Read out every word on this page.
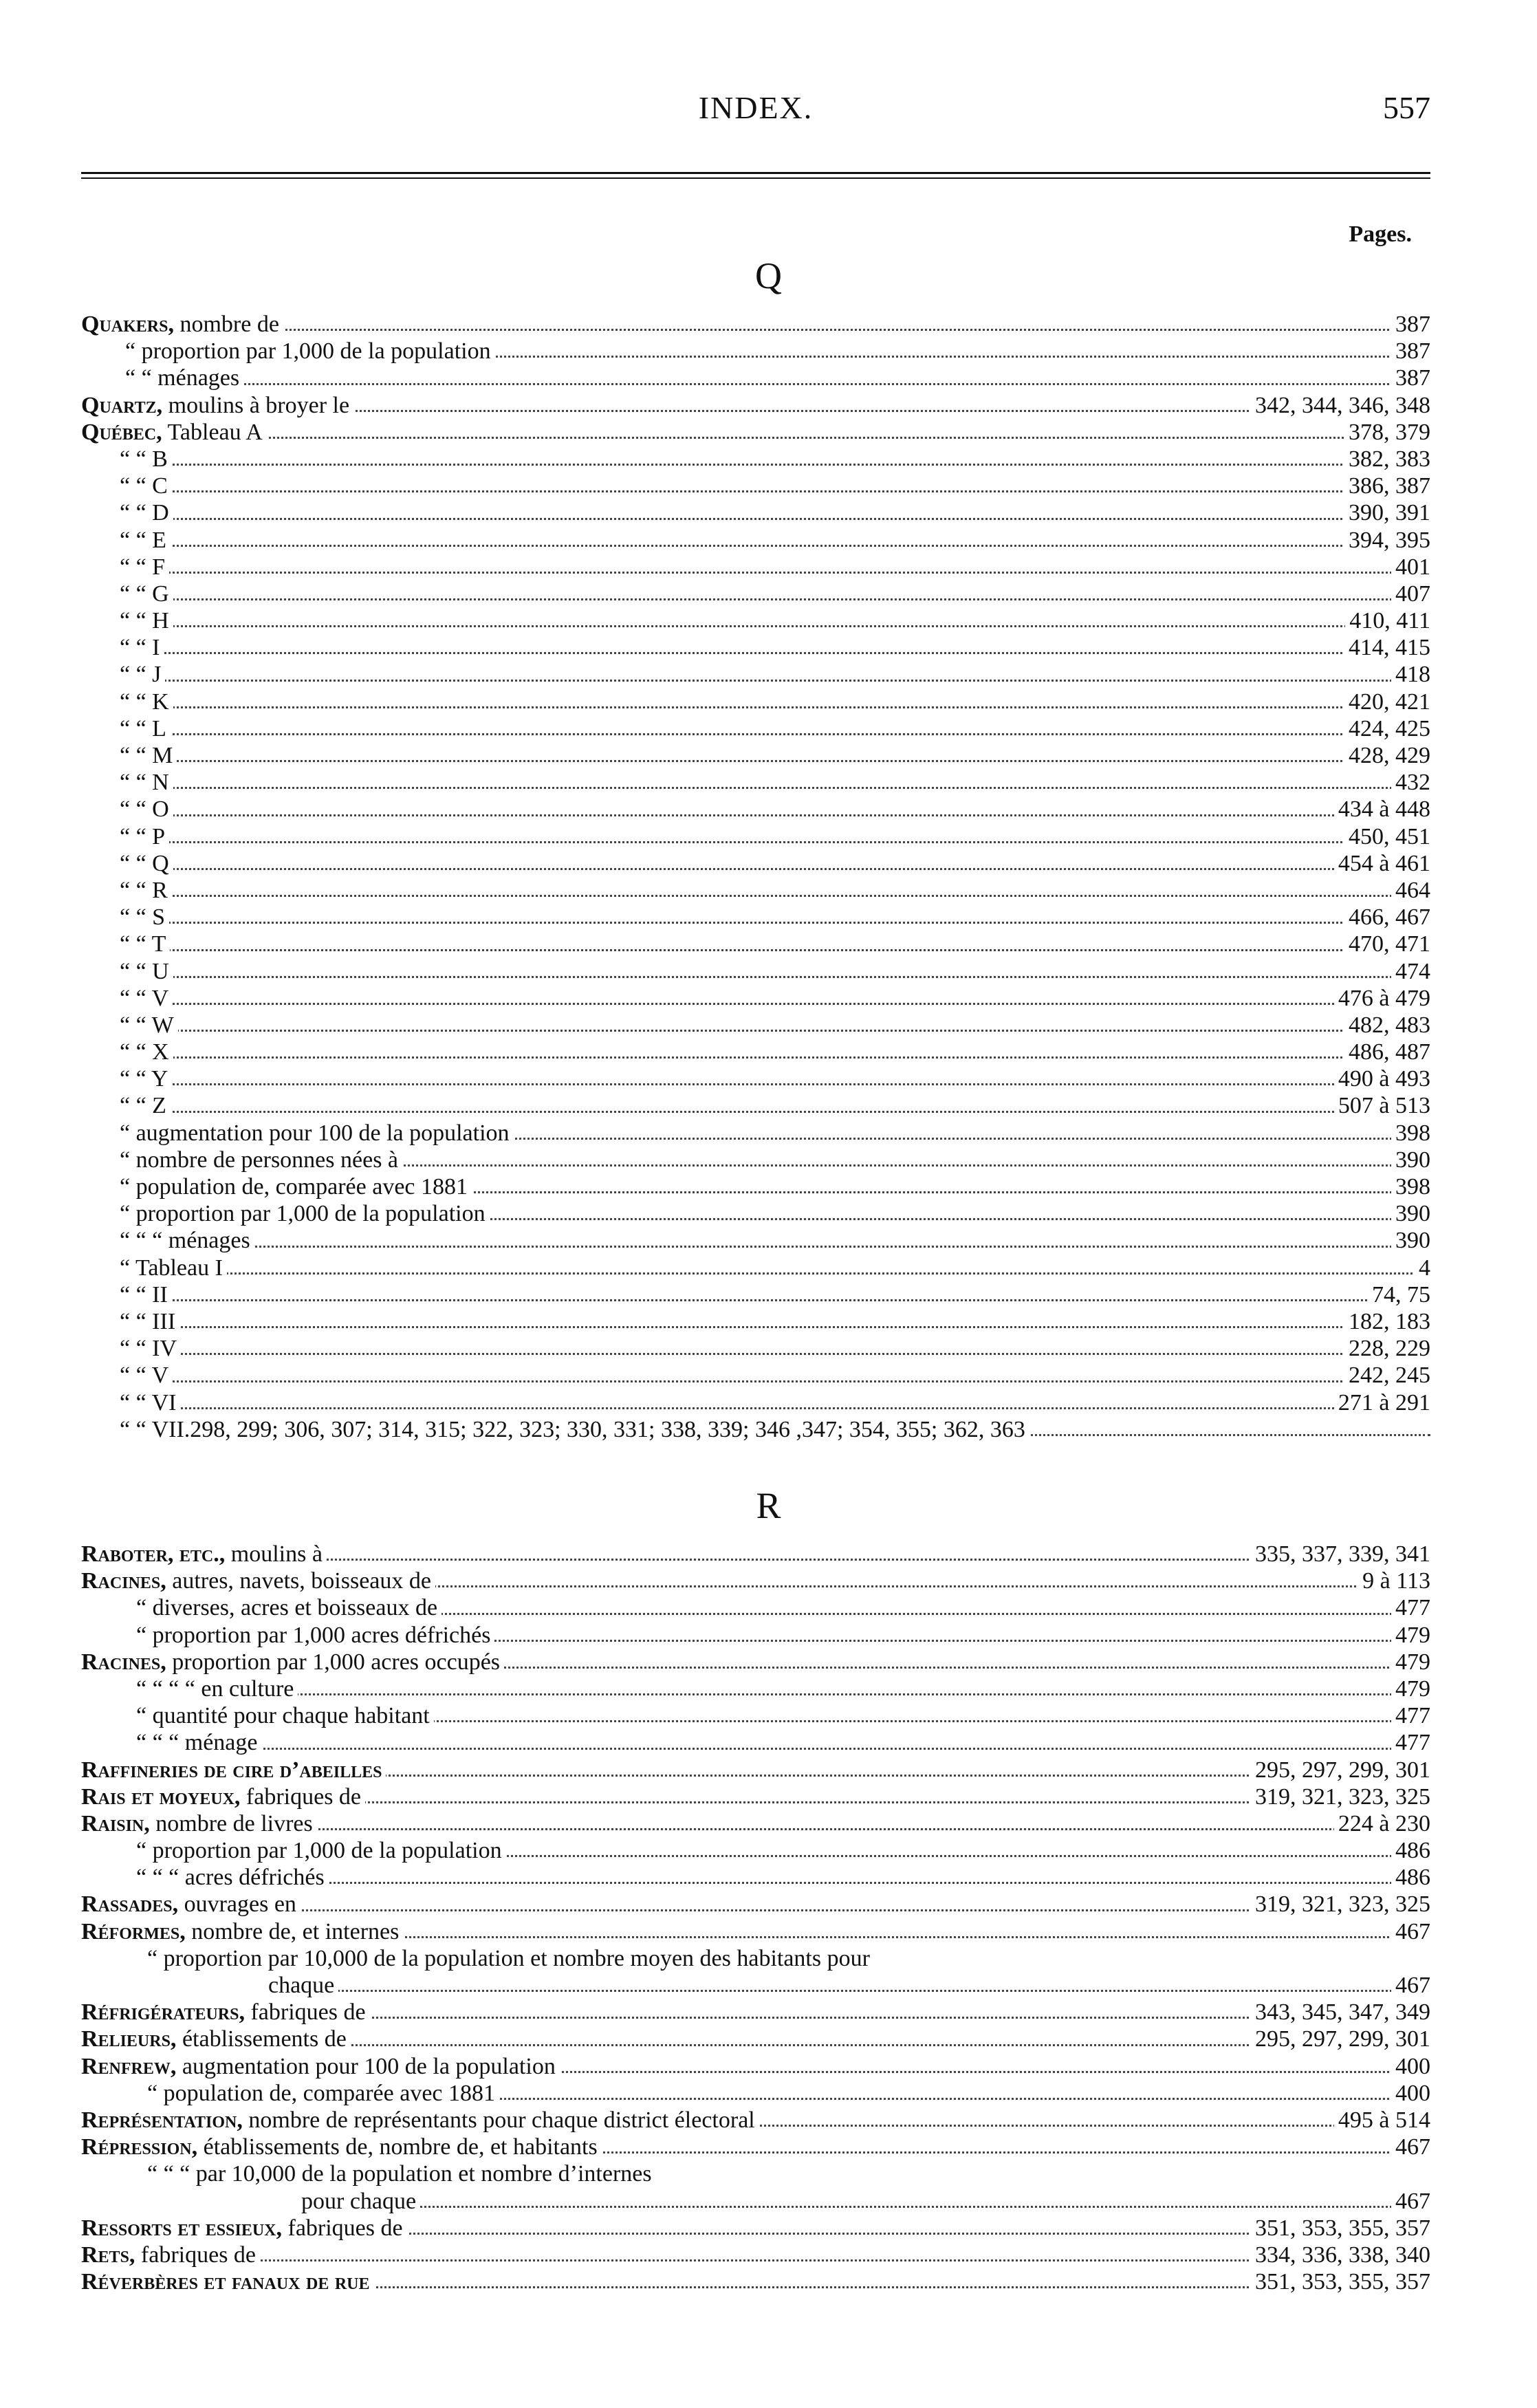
INDEX.	557
Pages.
Q
Quakers, nombre de	387
“ proportion par 1,000 de la population	387
“ “ ménages	387
Quartz, moulins à broyer le	342, 344, 346, 348
Québec, Tableau A	378, 379
“ “ B	382, 383
“ “ C	386, 387
“ “ D	390, 391
“ “ E	394, 395
“ “ F	401
“ “ G	407
“ “ H	410, 411
“ “ I	414, 415
“ “ J	418
“ “ K	420, 421
“ “ L	424, 425
“ “ M	428, 429
“ “ N	432
“ “ O	434 à 448
“ “ P	450, 451
“ “ Q	454 à 461
“ “ R	464
“ “ S	466, 467
“ “ T	470, 471
“ “ U	474
“ “ V	476 à 479
“ “ W	482, 483
“ “ X	486, 487
“ “ Y	490 à 493
“ “ Z	507 à 513
“ augmentation pour 100 de la population	398
“ nombre de personnes nées à	390
“ population de, comparée avec 1881	398
“ proportion par 1,000 de la population	390
“ “ “ ménages	390
“ Tableau I	4
“ “ II	74, 75
“ “ III	182, 183
“ “ IV	228, 229
“ “ V	242, 245
“ “ VI	271 à 291
“ “ VII.298, 299; 306, 307; 314, 315; 322, 323; 330, 331; 338, 339; 346 ,347; 354, 355; 362, 363
R
Raboter, etc., moulins à	335, 337, 339, 341
Racines, autres, navets, boisseaux de	9 à 113
“ diverses, acres et boisseaux de	477
“ proportion par 1,000 acres défrichés	479
Racines, proportion par 1,000 acres occupés	479
“ “ “ “ en culture	479
“ quantité pour chaque habitant	477
“ “ “ ménage	477
Raffineries de cire d’abeilles	295, 297, 299, 301
Rais et moyeux, fabriques de	319, 321, 323, 325
Raisin, nombre de livres	224 à 230
“ proportion par 1,000 de la population	486
“ “ “ acres défrichés	486
Rassades, ouvrages en	319, 321, 323, 325
Réformes, nombre de, et internes	467
“ proportion par 10,000 de la population et nombre moyen des habitants pour
chaque	467
Réfrigérateurs, fabriques de	343, 345, 347, 349
Relieurs, établissements de	295, 297, 299, 301
Renfrew, augmentation pour 100 de la population	400
“ population de, comparée avec 1881	400
Représentation, nombre de représentants pour chaque district électoral	495 à 514
Répression, établissements de, nombre de, et habitants	467
“ “ “ par 10,000 de la population et nombre d’internes
pour chaque	467
Ressorts et essieux, fabriques de	351, 353, 355, 357
Rets, fabriques de	334, 336, 338, 340
Réverbères et fanaux de rue	351, 353, 355, 357
